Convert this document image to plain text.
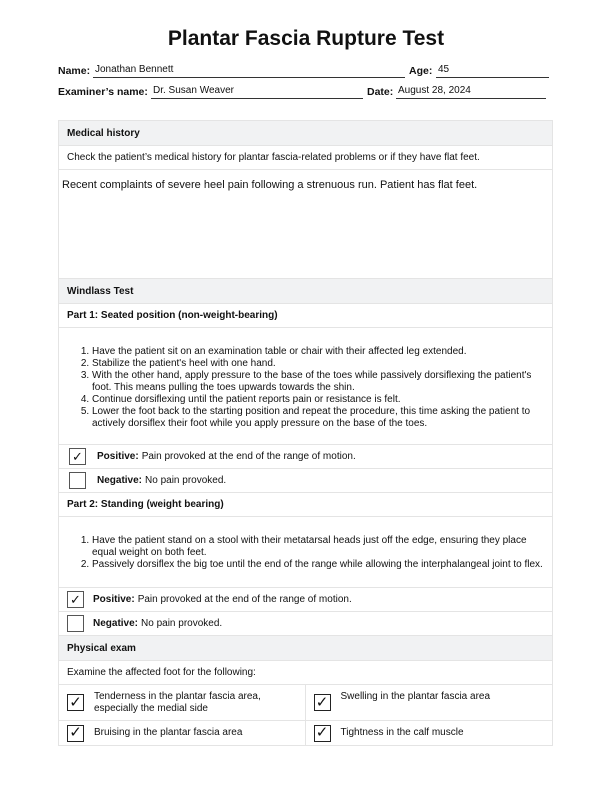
Plantar Fascia Rupture Test
Name: Jonathan Bennett	Age: 45
Examiner’s name: Dr. Susan Weaver	Date: August 28, 2024
Medical history
Check the patient’s medical history for plantar fascia-related problems or if they have flat feet.
Recent complaints of severe heel pain following a strenuous run. Patient has flat feet.
Windlass Test
Part 1: Seated position (non-weight-bearing)
1. Have the patient sit on an examination table or chair with their affected leg extended.
2. Stabilize the patient's heel with one hand.
3. With the other hand, apply pressure to the base of the toes while passively dorsiflexing the patient's foot. This means pulling the toes upwards towards the shin.
4. Continue dorsiflexing until the patient reports pain or resistance is felt.
5. Lower the foot back to the starting position and repeat the procedure, this time asking the patient to actively dorsiflex their foot while you apply pressure on the base of the toes.
✓	Positive: Pain provoked at the end of the range of motion.
Negative: No pain provoked.
Part 2: Standing (weight bearing)
1. Have the patient stand on a stool with their metatarsal heads just off the edge, ensuring they place equal weight on both feet.
2. Passively dorsiflex the big toe until the end of the range while allowing the interphalangeal joint to flex.
✓	Positive: Pain provoked at the end of the range of motion.
Negative: No pain provoked.
Physical exam
Examine the affected foot for the following:
✓ Tenderness in the plantar fascia area, especially the medial side	✓ Swelling in the plantar fascia area
✓ Bruising in the plantar fascia area	✓ Tightness in the calf muscle
